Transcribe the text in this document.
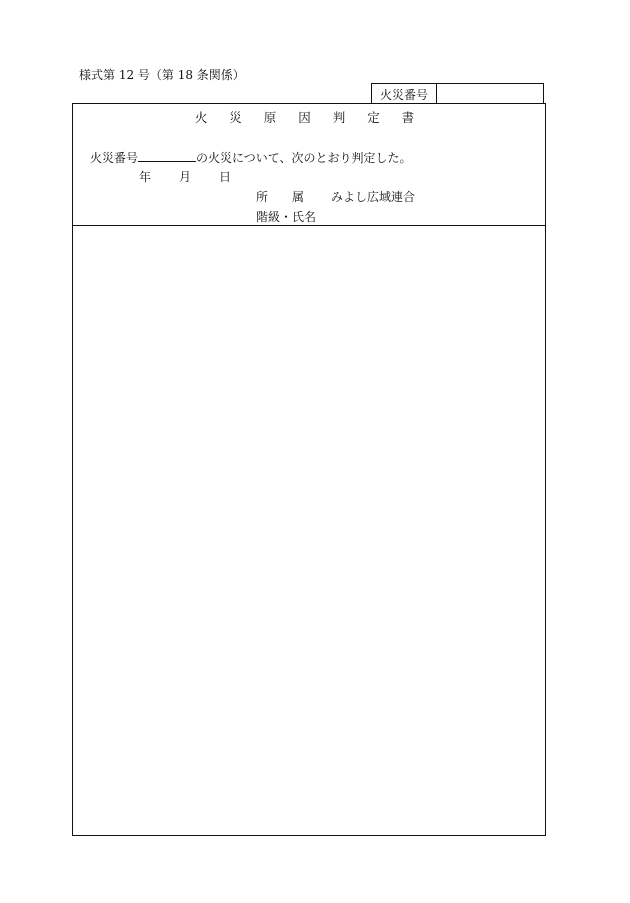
様式第 12 号（第 18 条関係）
火災番号
火 災 原 因 判 定 書
火災番号	の火災について、次のとおり判定した。
年 月 日
所　　属 みよし広域連合
階級・氏名
